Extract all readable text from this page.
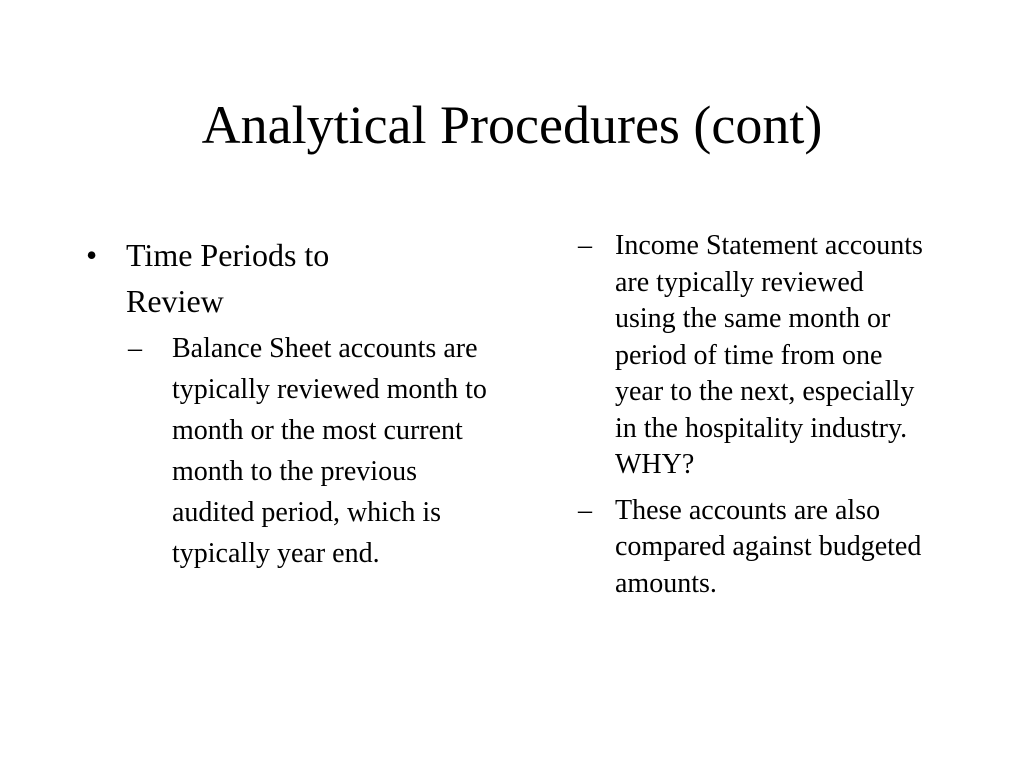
Analytical Procedures (cont)
• Time Periods to Review
–	Balance Sheet accounts are typically reviewed month to month or the most current month to the previous audited period, which is typically year end.
– Income Statement accounts are typically reviewed using the same month or period of time from one year to the next, especially in the hospitality industry. WHY?
– These accounts are also compared against budgeted amounts.
